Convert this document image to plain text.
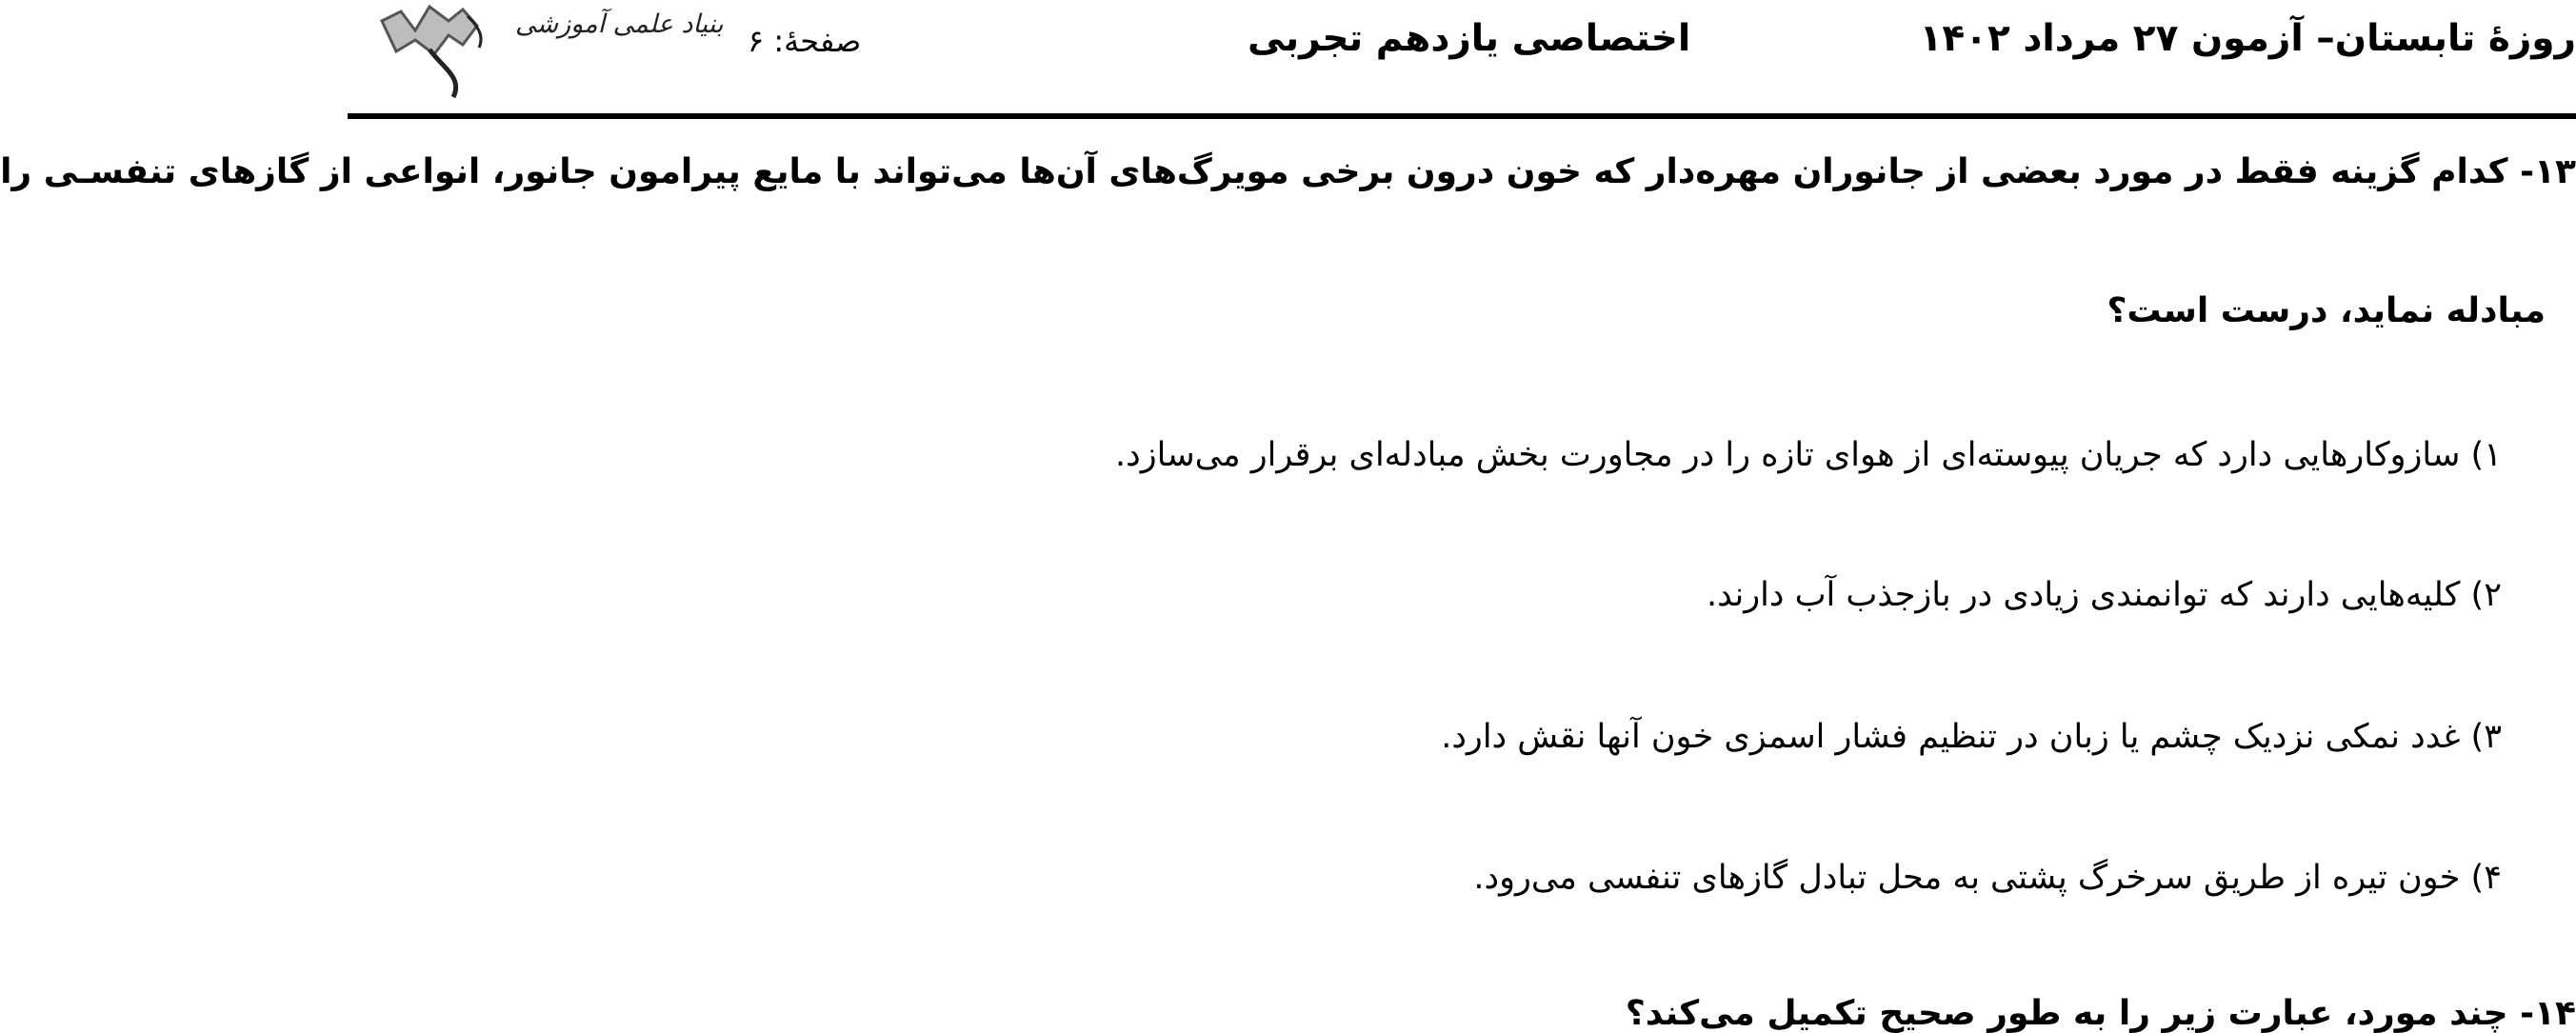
روزهٔ تابستان– آزمون ۲۷ مرداد ۱۴۰۲
اختصاصی یازدهم تجربی
صفحهٔ: ۶
بنیاد علمی آموزشی
۱۳- کدام گزینه فقط در مورد بعضی از جانوران مهره‌دار که خون درون برخی مویرگ‌های آن‌ها می‌تواند با مایع پیرامون جانور، انواعی از گازهای تنفسـی را
مبادله نماید، درست است؟
۱) سازوکارهایی دارد که جریان پیوسته‌ای از هوای تازه را در مجاورت بخش مبادله‌ای برقرار می‌سازد.
۲) کلیه‌هایی دارند که توانمندی زیادی در بازجذب آب دارند.
۳) غدد نمکی نزدیک چشم یا زبان در تنظیم فشار اسمزی خون آنها نقش دارد.
۴) خون تیره از طریق سرخرگ پشتی به محل تبادل گازهای تنفسی می‌رود.
۱۴- چند مورد، عبارت زیر را به طور صحیح تکمیل می‌کند؟
